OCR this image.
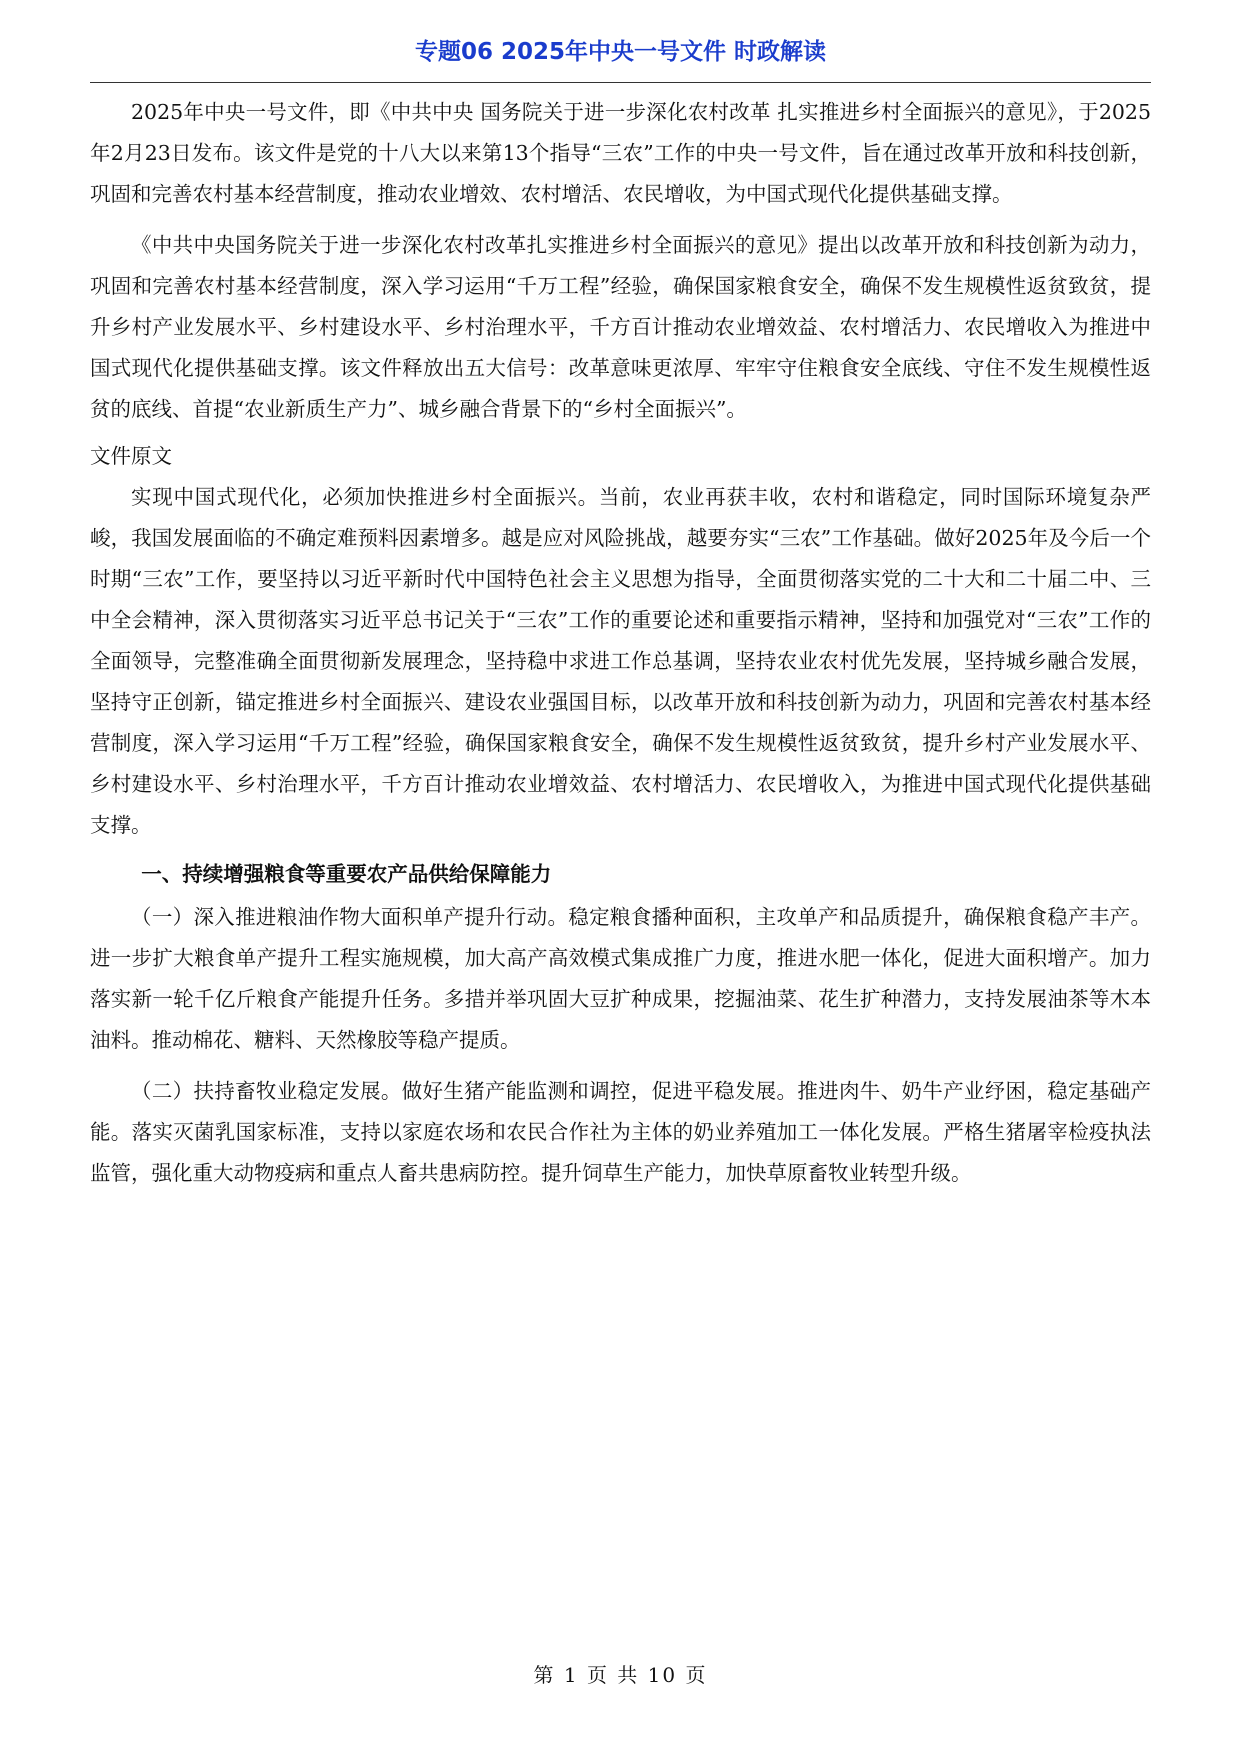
专题06 2025年中央一号文件 时政解读

2025年中央一号文件，即《中共中央 国务院关于进一步深化农村改革 扎实推进乡村全面振兴的意见》，于2025年2月23日发布。该文件是党的十八大以来第13个指导“三农”工作的中央一号文件，旨在通过改革开放和科技创新，巩固和完善农村基本经营制度，推动农业增效、农村增活、农民增收，为中国式现代化提供基础支撑。

《中共中央国务院关于进一步深化农村改革扎实推进乡村全面振兴的意见》提出以改革开放和科技创新为动力，巩固和完善农村基本经营制度，深入学习运用“千万工程”经验，确保国家粮食安全，确保不发生规模性返贫致贫，提升乡村产业发展水平、乡村建设水平、乡村治理水平，千方百计推动农业增效益、农村增活力、农民增收入为推进中国式现代化提供基础支撑。该文件释放出五大信号：改革意味更浓厚、牢牢守住粮食安全底线、守住不发生规模性返贫的底线、首提“农业新质生产力”、城乡融合背景下的“乡村全面振兴”。

文件原文

实现中国式现代化，必须加快推进乡村全面振兴。当前，农业再获丰收，农村和谐稳定，同时国际环境复杂严峻，我国发展面临的不确定难预料因素增多。越是应对风险挑战，越要夯实“三农”工作基础。做好2025年及今后一个时期“三农”工作，要坚持以习近平新时代中国特色社会主义思想为指导，全面贯彻落实党的二十大和二十届二中、三中全会精神，深入贯彻落实习近平总书记关于“三农”工作的重要论述和重要指示精神，坚持和加强党对“三农”工作的全面领导，完整准确全面贯彻新发展理念，坚持稳中求进工作总基调，坚持农业农村优先发展，坚持城乡融合发展，坚持守正创新，锚定推进乡村全面振兴、建设农业强国目标，以改革开放和科技创新为动力，巩固和完善农村基本经营制度，深入学习运用“千万工程”经验，确保国家粮食安全，确保不发生规模性返贫致贫，提升乡村产业发展水平、乡村建设水平、乡村治理水平，千方百计推动农业增效益、农村增活力、农民增收入，为推进中国式现代化提供基础支撑。

一、持续增强粮食等重要农产品供给保障能力

（一）深入推进粮油作物大面积单产提升行动。稳定粮食播种面积，主攻单产和品质提升，确保粮食稳产丰产。进一步扩大粮食单产提升工程实施规模，加大高产高效模式集成推广力度，推进水肥一体化，促进大面积增产。加力落实新一轮千亿斤粮食产能提升任务。多措并举巩固大豆扩种成果，挖掘油菜、花生扩种潜力，支持发展油茶等木本油料。推动棉花、糖料、天然橡胶等稳产提质。

（二）扶持畜牧业稳定发展。做好生猪产能监测和调控，促进平稳发展。推进肉牛、奶牛产业纾困，稳定基础产能。落实灭菌乳国家标准，支持以家庭农场和农民合作社为主体的奶业养殖加工一体化发展。严格生猪屠宰检疫执法监管，强化重大动物疫病和重点人畜共患病防控。提升饲草生产能力，加快草原畜牧业转型升级。

第 1 页 共 10 页
